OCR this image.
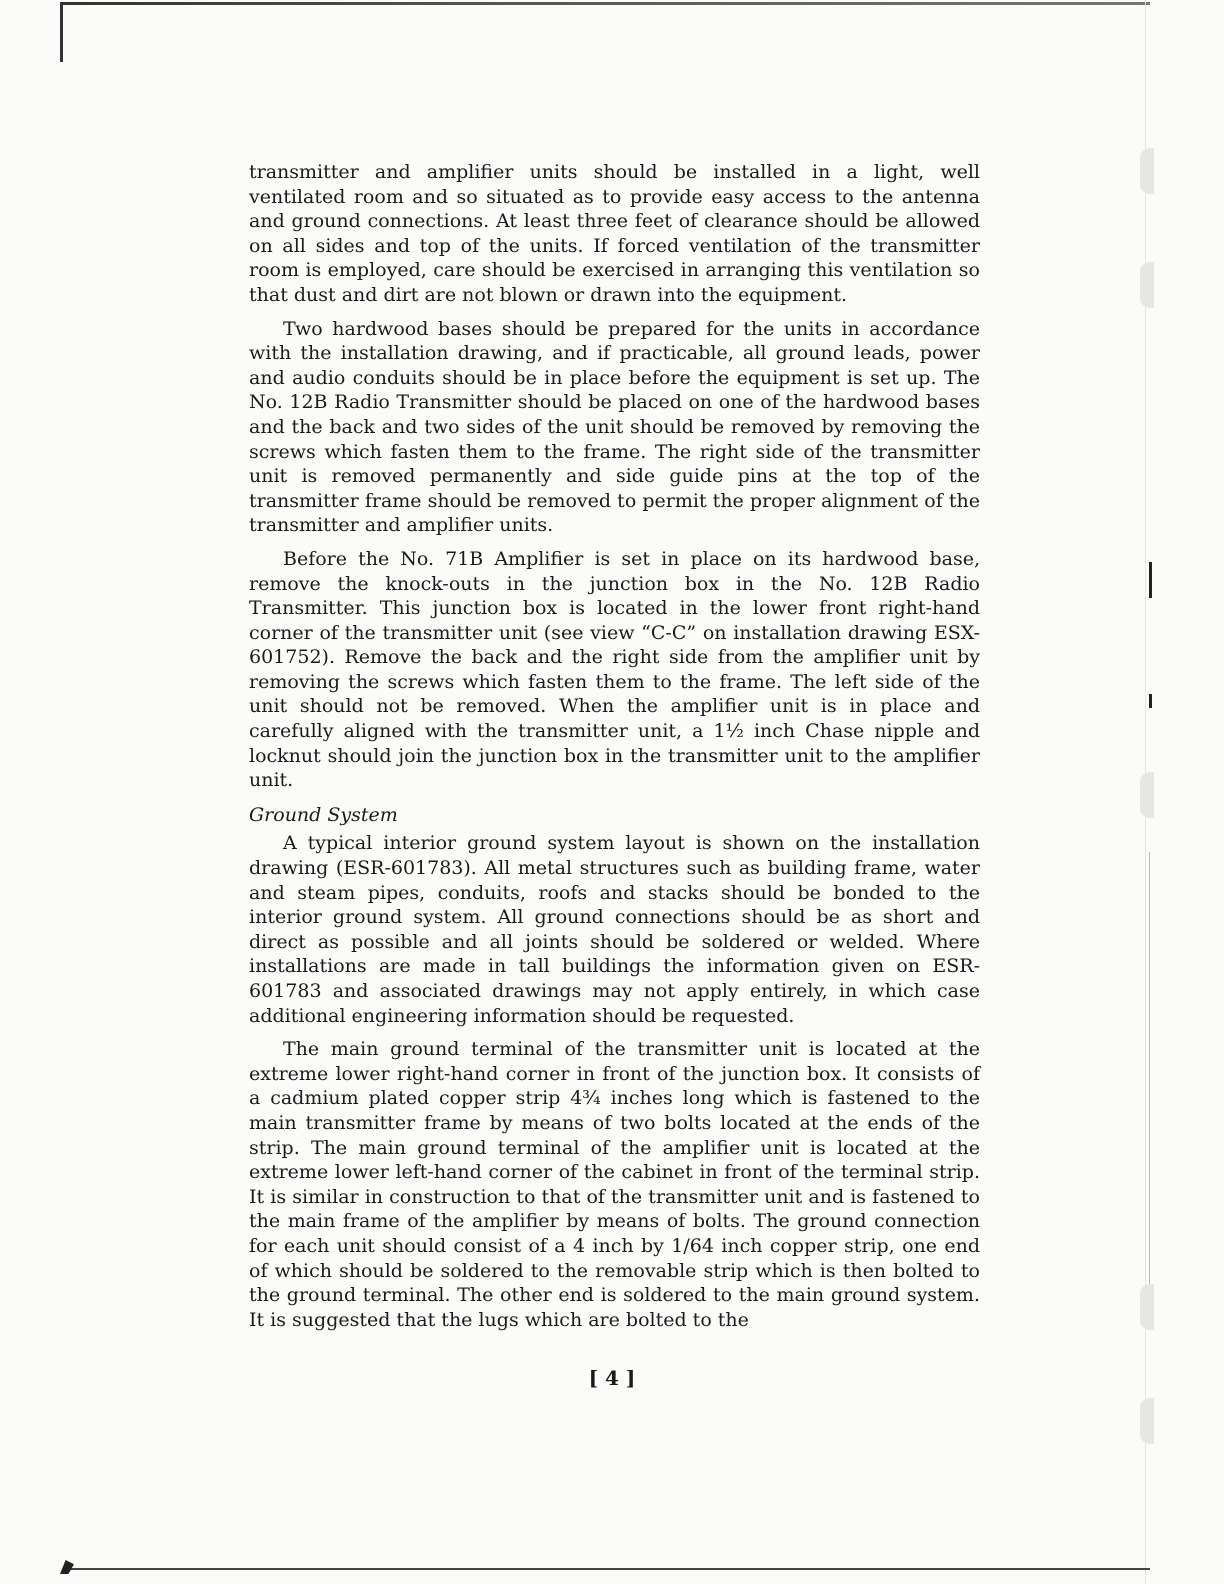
transmitter and amplifier units should be installed in a light, well ventilated room and so situated as to provide easy access to the antenna and ground connections. At least three feet of clearance should be allowed on all sides and top of the units. If forced ventilation of the transmitter room is employed, care should be exercised in arranging this ventilation so that dust and dirt are not blown or drawn into the equipment.

Two hardwood bases should be prepared for the units in accordance with the installation drawing, and if practicable, all ground leads, power and audio conduits should be in place before the equipment is set up. The No. 12B Radio Transmitter should be placed on one of the hardwood bases and the back and two sides of the unit should be removed by removing the screws which fasten them to the frame. The right side of the transmitter unit is removed permanently and side guide pins at the top of the transmitter frame should be removed to permit the proper alignment of the transmitter and amplifier units.

Before the No. 71B Amplifier is set in place on its hardwood base, remove the knock-outs in the junction box in the No. 12B Radio Transmitter. This junction box is located in the lower front right-hand corner of the transmitter unit (see view “C-C” on installation drawing ESX-601752). Remove the back and the right side from the amplifier unit by removing the screws which fasten them to the frame. The left side of the unit should not be removed. When the amplifier unit is in place and carefully aligned with the transmitter unit, a 1½ inch Chase nipple and locknut should join the junction box in the transmitter unit to the amplifier unit.

Ground System

A typical interior ground system layout is shown on the installation drawing (ESR-601783). All metal structures such as building frame, water and steam pipes, conduits, roofs and stacks should be bonded to the interior ground system. All ground connections should be as short and direct as possible and all joints should be soldered or welded. Where installations are made in tall buildings the information given on ESR-601783 and associated drawings may not apply entirely, in which case additional engineering information should be requested.

The main ground terminal of the transmitter unit is located at the extreme lower right-hand corner in front of the junction box. It consists of a cadmium plated copper strip 4¾ inches long which is fastened to the main transmitter frame by means of two bolts located at the ends of the strip. The main ground terminal of the amplifier unit is located at the extreme lower left-hand corner of the cabinet in front of the terminal strip. It is similar in construction to that of the transmitter unit and is fastened to the main frame of the amplifier by means of bolts. The ground connection for each unit should consist of a 4 inch by 1/64 inch copper strip, one end of which should be soldered to the removable strip which is then bolted to the ground terminal. The other end is soldered to the main ground system. It is suggested that the lugs which are bolted to the

[ 4 ]
